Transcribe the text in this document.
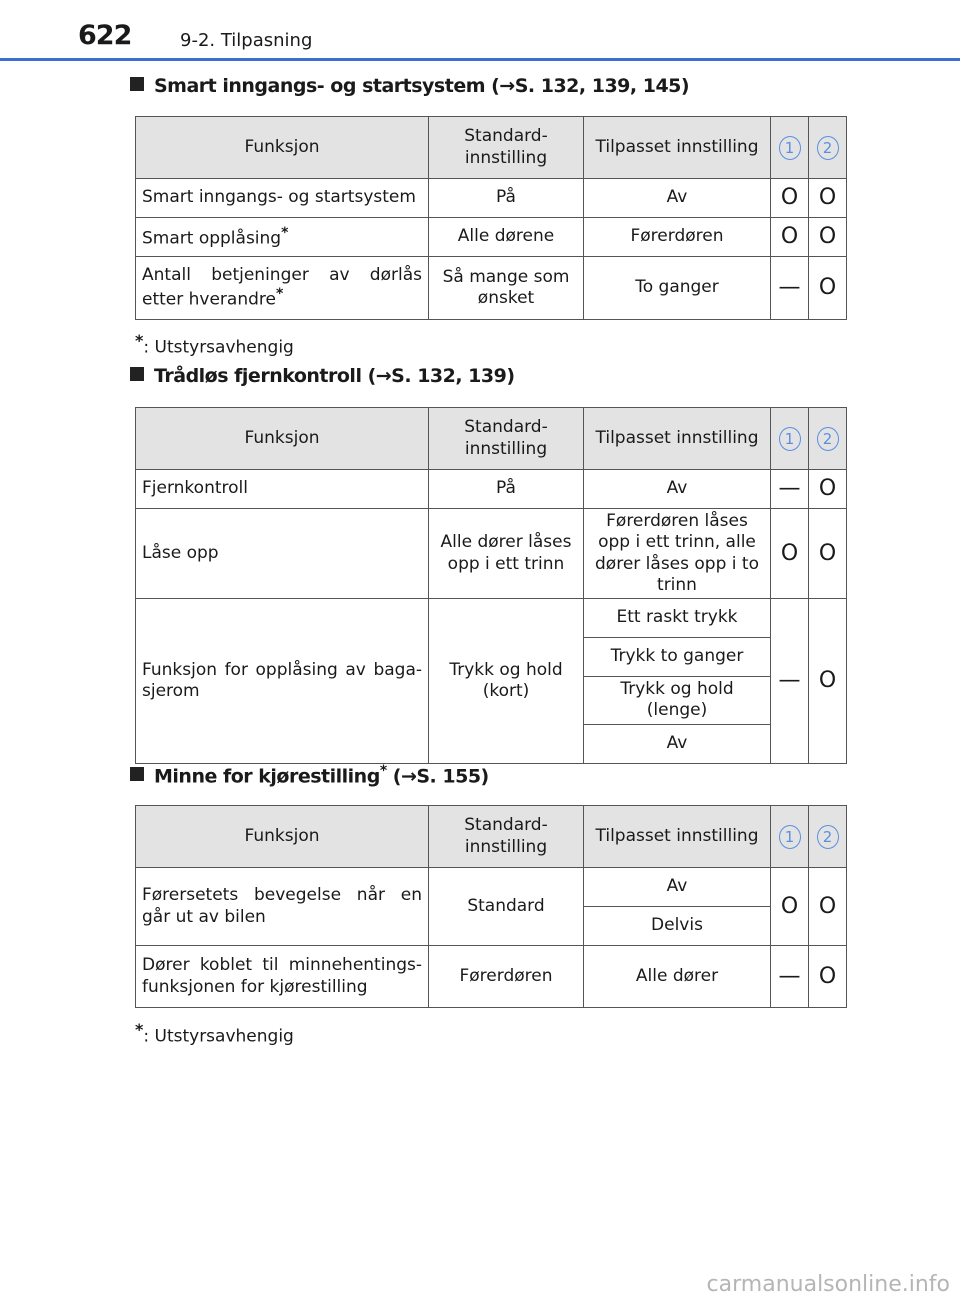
622	9-2. Tilpasning
Smart inngangs- og startsystem (→S. 132, 139, 145)
Funksjon	Standard-innstilling	Tilpasset innstilling	1	2
Smart inngangs- og startsystem	På	Av	O	O
Smart opplåsing*	Alle dørene	Førerdøren	O	O
Antall betjeninger av dørlås etter hverandre*	Så mange som ønsket	To ganger	—	O
*: Utstyrsavhengig
Trådløs fjernkontroll (→S. 132, 139)
Funksjon	Standard-innstilling	Tilpasset innstilling	1	2
Fjernkontroll	På	Av	—	O
Låse opp	Alle dører låses opp i ett trinn	Førerdøren låses opp i ett trinn, alle dører låses opp i to trinn	O	O
Funksjon for opplåsing av baga-sjerom	Trykk og hold (kort)	Ett raskt trykk	—	O
		Trykk to ganger		
		Trykk og hold (lenge)		
		Av		
Minne for kjørestilling* (→S. 155)
Funksjon	Standard-innstilling	Tilpasset innstilling	1	2
Førersetets bevegelse når en går ut av bilen	Standard	Av	O	O
		Delvis		
Dører koblet til minnehentings-funksjonen for kjørestilling	Førerdøren	Alle dører	—	O
*: Utstyrsavhengig
carmanualsonline.info
